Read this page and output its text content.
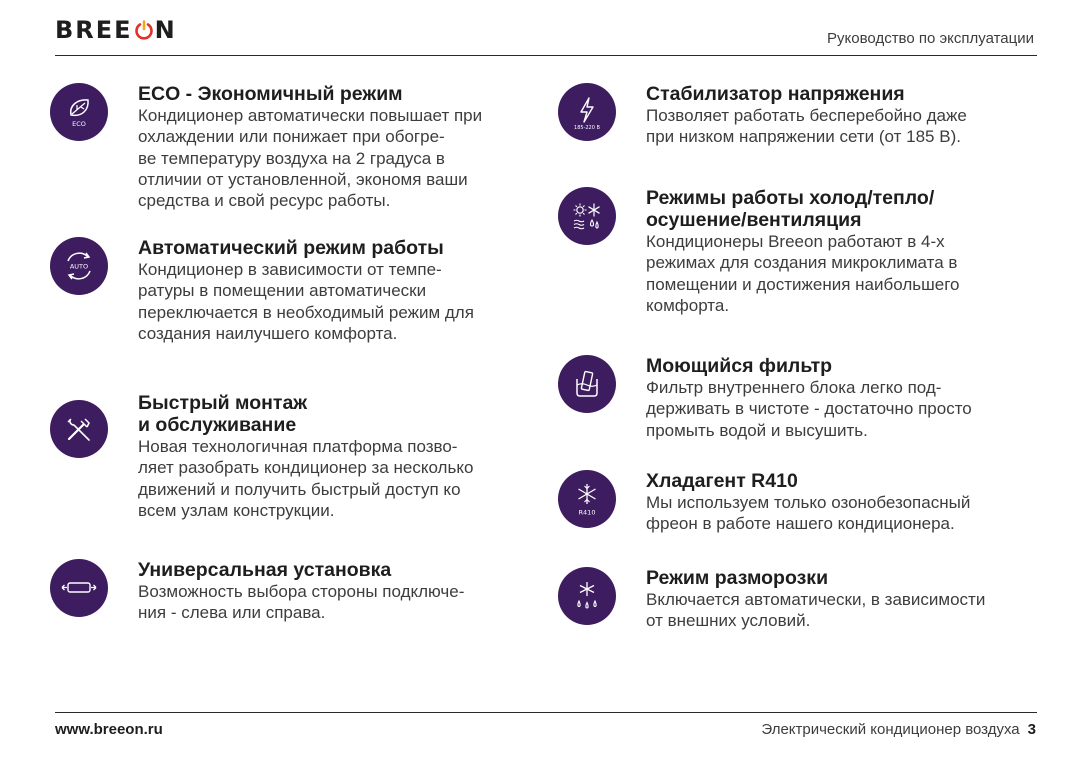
BREE N	Руководство по эксплуатации
ECO
ECO - Экономичный режим
Кондиционер автоматически повышает при
охлаждении или понижает при обогре-
ве температуру воздуха на 2 градуса в
отличии от установленной, экономя ваши
средства и свой ресурс работы.
AUTO
Автоматический режим работы
Кондиционер в зависимости от темпе-
ратуры в помещении автоматически
переключается в необходимый режим для
создания наилучшего комфорта.
Быстрый монтаж
и обслуживание
Новая технологичная платформа позво-
ляет разобрать кондиционер за несколько
движений и получить быстрый доступ ко
всем узлам конструкции.
Универсальная установка
Возможность выбора стороны подключе-
ния - слева или справа.
185-220 В
Стабилизатор напряжения
Позволяет работать бесперебойно даже
при низком напряжении сети (от 185 В).
Режимы работы холод/тепло/
осушение/вентиляция
Кондиционеры Breeon работают в 4-х
режимах для создания микроклимата в
помещении и достижения наибольшего
комфорта.
Моющийся фильтр
Фильтр внутреннего блока легко под-
держивать в чистоте - достаточно просто
промыть водой и высушить.
R410
Хладагент R410
Мы используем только озонобезопасный
фреон в работе нашего кондиционера.
Режим разморозки
Включается автоматически, в зависимости
от внешних условий.
www.breeon.ru	Электрический кондиционер воздуха 3
